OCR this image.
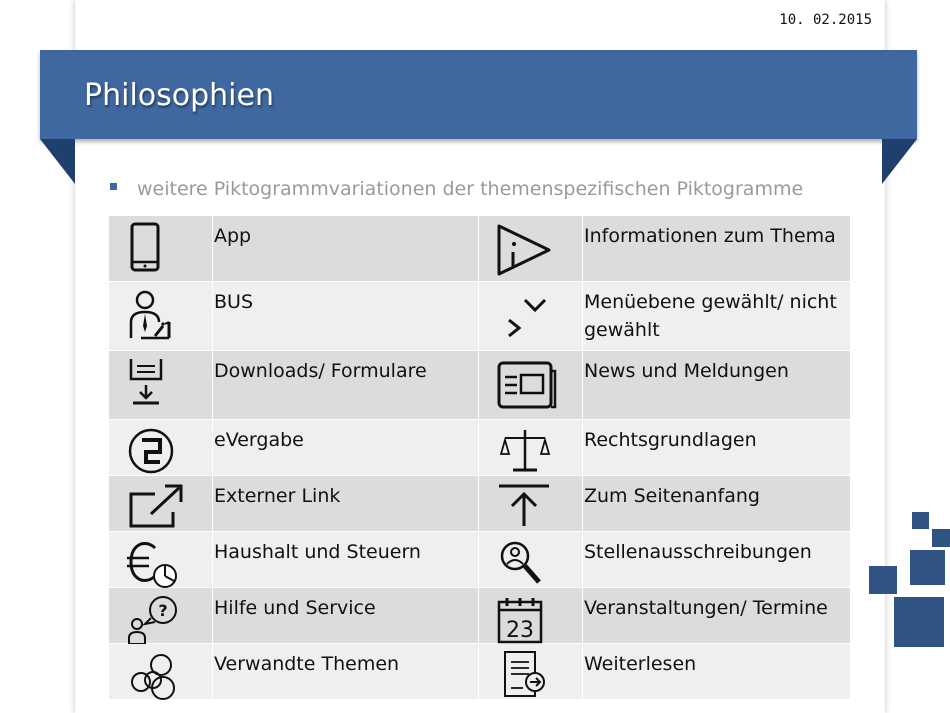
10. 02.2015
Philosophien
weitere Piktogrammvariationen der themenspezifischen Piktogramme
	App		Informationen zum Thema

	BUS		Menüebene gewählt/ nicht gewählt

	Downloads/ Formulare		News und Meldungen

	eVergabe		Rechtsgrundlagen

	Externer Link		Zum Seitenanfang

	Haushalt und Steuern		Stellenausschreibungen

?	Hilfe und Service	23	Veranstaltungen/ Termine

	Verwandte Themen		Weiterlesen
